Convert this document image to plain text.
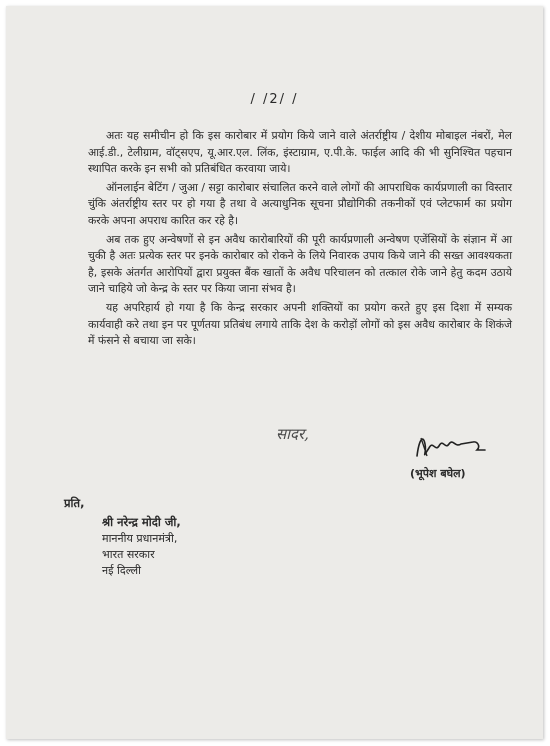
/ /2/ /

अतः यह समीचीन हो कि इस कारोबार में प्रयोग किये जाने वाले अंतर्राष्ट्रीय / देशीय मोबाइल नंबरों, मेल आई.डी., टेलीग्राम, वॉट्सएप, यू.आर.एल. लिंक, इंस्टाग्राम, ए.पी.के. फाईल आदि की भी सुनिश्चित पहचान स्थापित करके इन सभी को प्रतिबंधित करवाया जाये।

ऑनलाईन बेटिंग / जुआ / सट्टा कारोबार संचालित करने वाले लोगों की आपराधिक कार्यप्रणाली का विस्तार चुंकि अंतर्राष्ट्रीय स्तर पर हो गया है तथा वे अत्याधुनिक सूचना प्रौद्योगिकी तकनीकों एवं प्लेटफार्म का प्रयोग करके अपना अपराध कारित कर रहे है।

अब तक हुए अन्वेषणों से इन अवैध कारोबारियों की पूरी कार्यप्रणाली अन्वेषण एजेंसियों के संज्ञान में आ चुकी है अतः प्रत्येक स्तर पर इनके कारोबार को रोकने के लिये निवारक उपाय किये जाने की सख्त आवश्यकता है, इसके अंतर्गत आरोपियों द्वारा प्रयुक्त बैंक खातों के अवैध परिचालन को तत्काल रोके जाने हेतु कदम उठाये जाने चाहिये जो केन्द्र के स्तर पर किया जाना संभव है।

यह अपरिहार्य हो गया है कि केन्द्र सरकार अपनी शक्तियों का प्रयोग करते हुए इस दिशा में सम्यक कार्यवाही करे तथा इन पर पूर्णतया प्रतिबंध लगाये ताकि देश के करोड़ों लोगों को इस अवैध कारोबार के शिकंजे में फंसने से बचाया जा सके।

सादर,
(भूपेश बघेल)
प्रति,
श्री नरेन्द्र मोदी जी,
माननीय प्रधानमंत्री,
भारत सरकार
नई दिल्ली
